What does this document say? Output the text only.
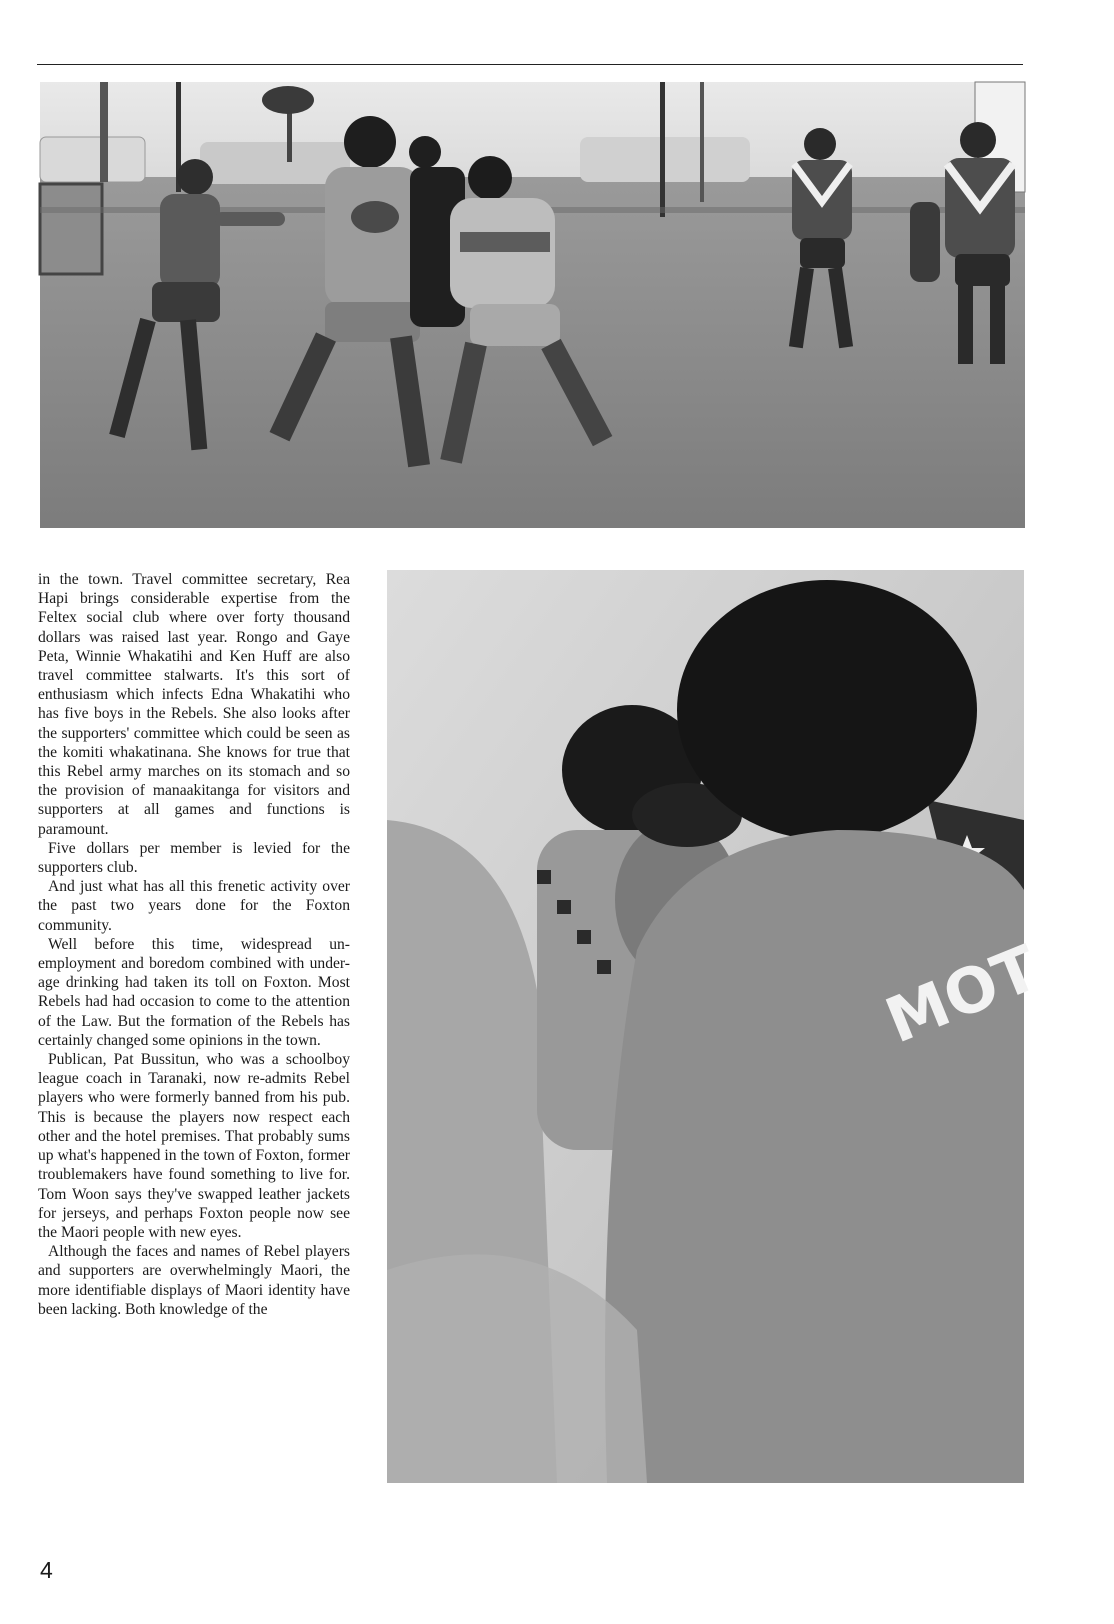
in the town. Travel committee secretary, Rea Hapi brings considerable expertise from the Feltex social club where over forty thousand dollars was raised last year. Rongo and Gaye Peta, Winnie Whakatihi and Ken Huff are also travel committee stalwarts. It's this sort of enthusiasm which infects Edna Whakatihi who has five boys in the Rebels. She also looks after the supporters' committee which could be seen as the komiti whakatinana. She knows for true that this Rebel army marches on its stomach and so the provision of manaakitanga for visitors and supporters at all games and functions is paramount.

Five dollars per member is levied for the supporters club.

And just what has all this frenetic activity over the past two years done for the Foxton community.

Well before this time, widespread unemployment and boredom combined with under-age drinking had taken its toll on Foxton. Most Rebels had had occasion to come to the attention of the Law. But the formation of the Rebels has certainly changed some opinions in the town.

Publican, Pat Bussitun, who was a schoolboy league coach in Taranaki, now re-admits Rebel players who were formerly banned from his pub. This is because the players now respect each other and the hotel premises. That probably sums up what's happened in the town of Foxton, former troublemakers have found something to live for. Tom Woon says they've swapped leather jackets for jerseys, and perhaps Foxton people now see the Maori people with new eyes.

Although the faces and names of Rebel players and supporters are overwhelmingly Maori, the more identifiable displays of Maori identity have been lacking. Both knowledge of the

MOT
4
